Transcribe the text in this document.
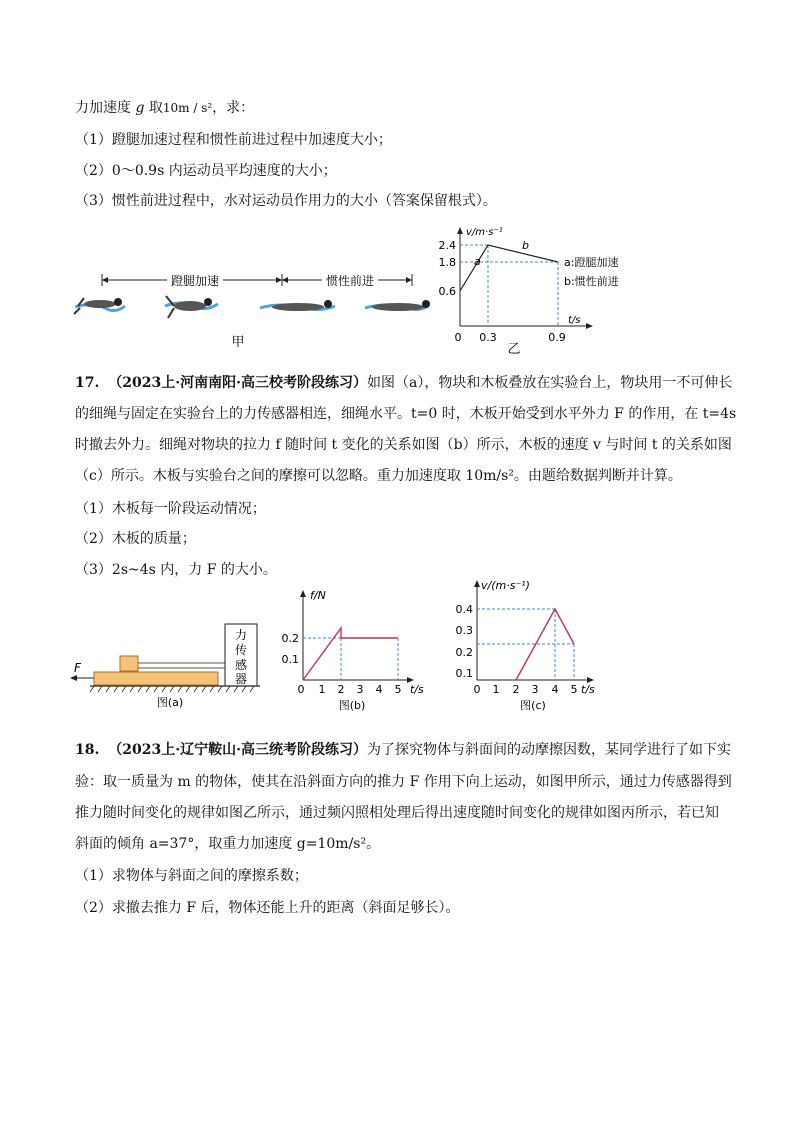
力加速度 g 取10m / s²，求：
（1）蹬腿加速过程和惯性前进过程中加速度大小；
（2）0～0.9s 内运动员平均速度的大小；
（3）惯性前进过程中，水对运动员作用力的大小（答案保留根式）。
蹬腿加速	惯性前进
甲
v/m·s⁻¹
t/s
2.4
1.8
0.6
0 0.3	0.9
a
b
a:蹬腿加速
b:惯性前进
乙
17. （2023上·河南南阳·高三校考阶段练习）如图（a），物块和木板叠放在实验台上，物块用一不可伸长
的细绳与固定在实验台上的力传感器相连，细绳水平。t=0 时，木板开始受到水平外力 F 的作用，在 t=4s
时撤去外力。细绳对物块的拉力 f 随时间 t 变化的关系如图（b）所示，木板的速度 v 与时间 t 的关系如图
（c）所示。木板与实验台之间的摩擦可以忽略。重力加速度取 10m/s²。由题给数据判断并计算。
（1）木板每一阶段运动情况；
（2）木板的质量；
（3）2s~4s 内，力 F 的大小。
力
传
感
器
F
图(a)
f/N
t/s
0.2
0.1
0 1 2 3 4 5
图(b)
v/(m·s⁻¹)
t/s
0.4
0.3
0.2
0.1
0 1 2 3 4 5
图(c)
18. （2023上·辽宁鞍山·高三统考阶段练习）为了探究物体与斜面间的动摩擦因数，某同学进行了如下实
验：取一质量为 m 的物体，使其在沿斜面方向的推力 F 作用下向上运动，如图甲所示，通过力传感器得到
推力随时间变化的规律如图乙所示，通过频闪照相处理后得出速度随时间变化的规律如图丙所示，若已知
斜面的倾角 a=37°，取重力加速度 g=10m/s²。
（1）求物体与斜面之间的摩擦系数；
（2）求撤去推力 F 后，物体还能上升的距离（斜面足够长）。
